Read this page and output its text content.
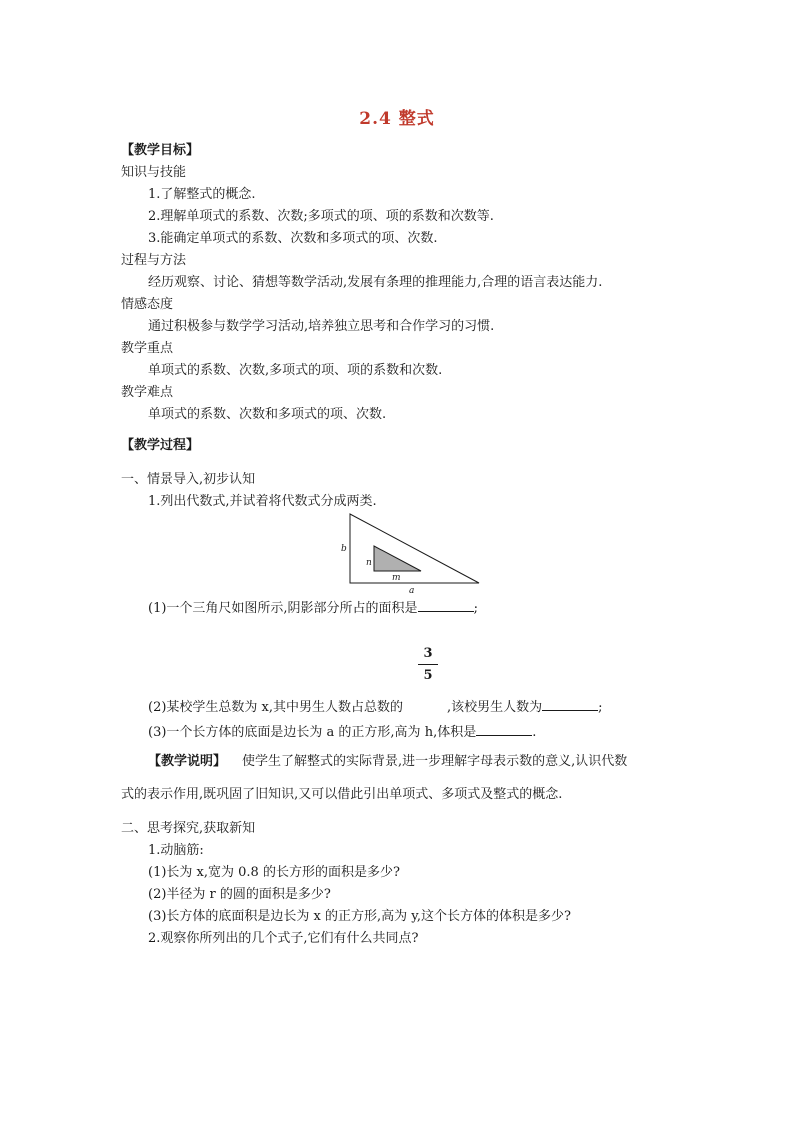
2.4 整式
【教学目标】
知识与技能
1.了解整式的概念.
2.理解单项式的系数、次数;多项式的项、项的系数和次数等.
3.能确定单项式的系数、次数和多项式的项、次数.
过程与方法
经历观察、讨论、猜想等数学活动,发展有条理的推理能力,合理的语言表达能力.
情感态度
通过积极参与数学学习活动,培养独立思考和合作学习的习惯.
教学重点
单项式的系数、次数,多项式的项、项的系数和次数.
教学难点
单项式的系数、次数和多项式的项、次数.
【教学过程】
一、情景导入,初步认知
1.列出代数式,并试着将代数式分成两类.
b
n
m
a
(1)一个三角尺如图所示,阴影部分所占的面积是	;
3
5
(2)某校学生总数为 x,其中男生人数占总数的	,该校男生人数为	;
(3)一个长方体的底面是边长为 a 的正方形,高为 h,体积是	.
【教学说明】 使学生了解整式的实际背景,进一步理解字母表示数的意义,认识代数
式的表示作用,既巩固了旧知识,又可以借此引出单项式、多项式及整式的概念.
二、思考探究,获取新知
1.动脑筋:
(1)长为 x,宽为 0.8 的长方形的面积是多少?
(2)半径为 r 的圆的面积是多少?
(3)长方体的底面积是边长为 x 的正方形,高为 y,这个长方体的体积是多少?
2.观察你所列出的几个式子,它们有什么共同点?
